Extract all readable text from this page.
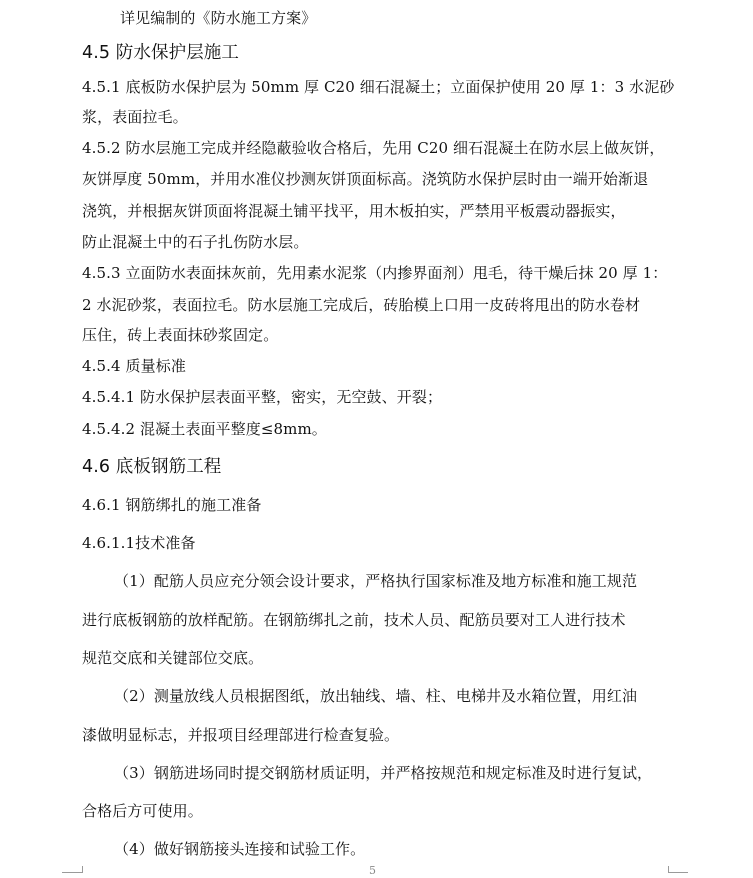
详见编制的《防水施工方案》
4.5 防水保护层施工
4.5.1 底板防水保护层为 50mm 厚 C20 细石混凝土；立面保护使用 20 厚 1：3 水泥砂
浆，表面拉毛。
4.5.2 防水层施工完成并经隐蔽验收合格后，先用 C20 细石混凝土在防水层上做灰饼，
灰饼厚度 50mm，并用水准仪抄测灰饼顶面标高。浇筑防水保护层时由一端开始渐退
浇筑，并根据灰饼顶面将混凝土铺平找平，用木板拍实，严禁用平板震动器振实，
防止混凝土中的石子扎伤防水层。
4.5.3 立面防水表面抹灰前，先用素水泥浆（内掺界面剂）甩毛，待干燥后抹 20 厚 1：
2 水泥砂浆，表面拉毛。防水层施工完成后，砖胎模上口用一皮砖将甩出的防水卷材
压住，砖上表面抹砂浆固定。
4.5.4 质量标准
4.5.4.1 防水保护层表面平整，密实，无空鼓、开裂；
4.5.4.2 混凝土表面平整度≤8mm。
4.6 底板钢筋工程
4.6.1 钢筋绑扎的施工准备
4.6.1.1技术准备
（1）配筋人员应充分领会设计要求，严格执行国家标准及地方标准和施工规范
进行底板钢筋的放样配筋。在钢筋绑扎之前，技术人员、配筋员要对工人进行技术
规范交底和关键部位交底。
（2）测量放线人员根据图纸，放出轴线、墙、柱、电梯井及水箱位置，用红油
漆做明显标志，并报项目经理部进行检查复验。
（3）钢筋进场同时提交钢筋材质证明，并严格按规范和规定标准及时进行复试，
合格后方可使用。
（4）做好钢筋接头连接和试验工作。
5
